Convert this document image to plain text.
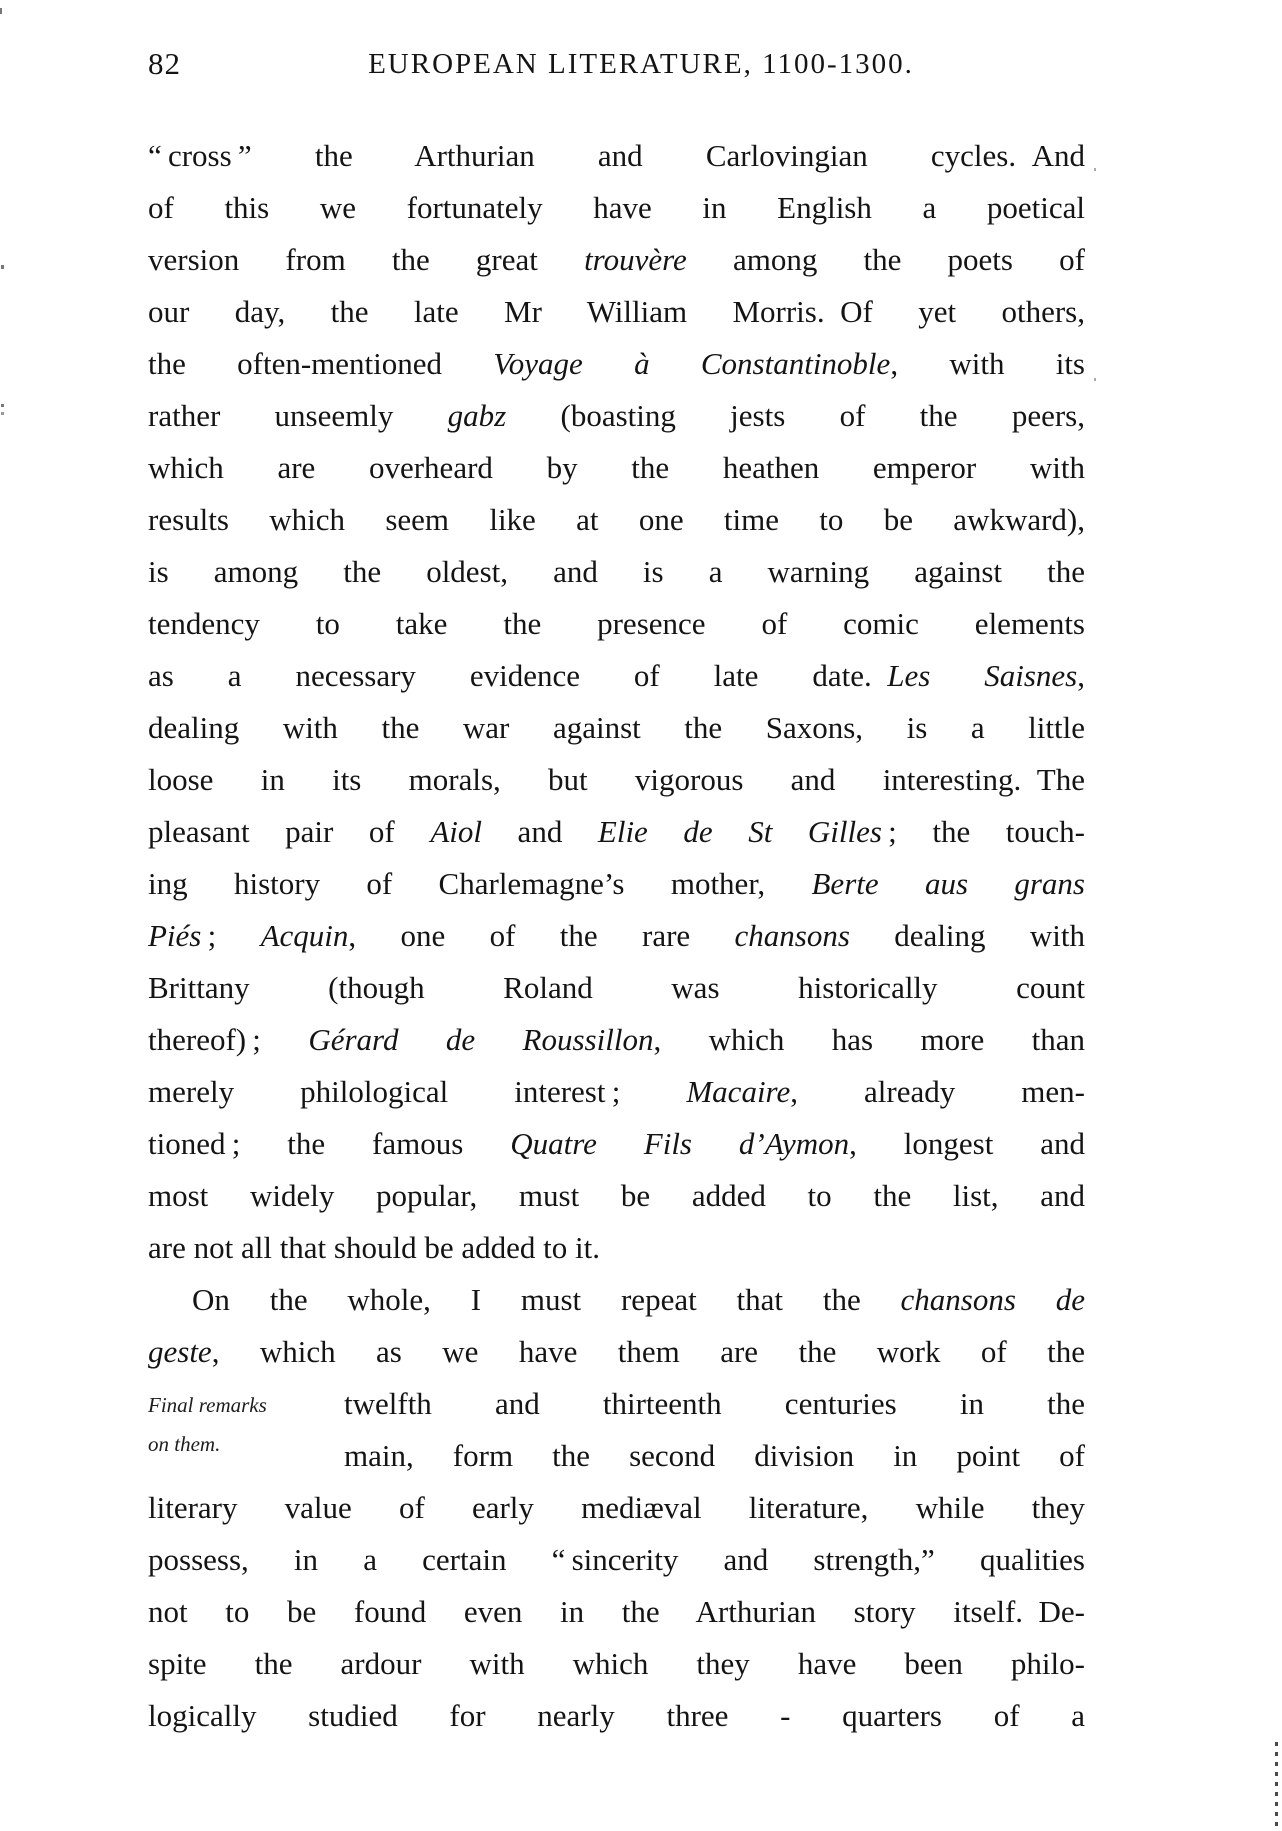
82	EUROPEAN LITERATURE, 1100-1300.
Final remarks
on them.
“ cross ” the Arthurian and Carlovingian cycles. And
of this we fortunately have in English a poetical
version from the great trouvère among the poets of
our day, the late Mr William Morris. Of yet others,
the often-mentioned Voyage à Constantinoble, with its
rather unseemly gabz (boasting jests of the peers,
which are overheard by the heathen emperor with
results which seem like at one time to be awkward),
is among the oldest, and is a warning against the
tendency to take the presence of comic elements
as a necessary evidence of late date. Les Saisnes,
dealing with the war against the Saxons, is a little
loose in its morals, but vigorous and interesting. The
pleasant pair of Aiol and Elie de St Gilles ; the touch-
ing history of Charlemagne’s mother, Berte aus grans
Piés ; Acquin, one of the rare chansons dealing with
Brittany (though Roland was historically count
thereof) ; Gérard de Roussillon, which has more than
merely philological interest ; Macaire, already men-
tioned ; the famous Quatre Fils d’Aymon, longest and
most widely popular, must be added to the list, and
are not all that should be added to it.
On the whole, I must repeat that the chansons de
geste, which as we have them are the work of the
twelfth and thirteenth centuries in the
main, form the second division in point of
literary value of early mediæval literature, while they
possess, in a certain “ sincerity and strength,” qualities
not to be found even in the Arthurian story itself. De-
spite the ardour with which they have been philo-
logically studied for nearly three - quarters of a
